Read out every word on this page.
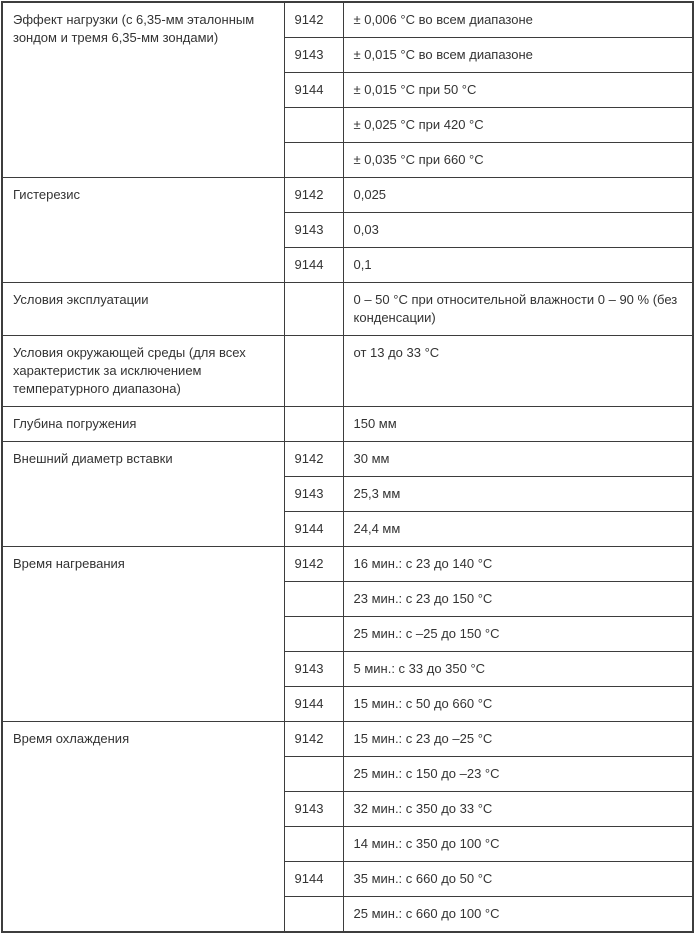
Эффект нагрузки (с 6,35-мм эталонным зондом и тремя 6,35-мм зондами)	9142	± 0,006 °C во всем диапазоне
	9143	± 0,015 °C во всем диапазоне
	9144	± 0,015 °C при 50 °C
		± 0,025 °C при 420 °C
		± 0,035 °C при 660 °C
Гистерезис	9142	0,025
	9143	0,03
	9144	0,1
Условия эксплуатации		0 – 50 °C при относительной влажности 0 – 90 % (без конденсации)
Условия окружающей среды (для всех характеристик за исключением температурного диапазона)		от 13 до 33 °C
Глубина погружения		150 мм
Внешний диаметр вставки	9142	30 мм
	9143	25,3 мм
	9144	24,4 мм
Время нагревания	9142	16 мин.: с 23 до 140 °C
		23 мин.: с 23 до 150 °C
		25 мин.: с –25 до 150 °C
	9143	5 мин.: с 33 до 350 °C
	9144	15 мин.: с 50 до 660 °C
Время охлаждения	9142	15 мин.: с 23 до –25 °C
		25 мин.: с 150 до –23 °C
	9143	32 мин.: с 350 до 33 °C
		14 мин.: с 350 до 100 °C
	9144	35 мин.: с 660 до 50 °C
		25 мин.: с 660 до 100 °C
